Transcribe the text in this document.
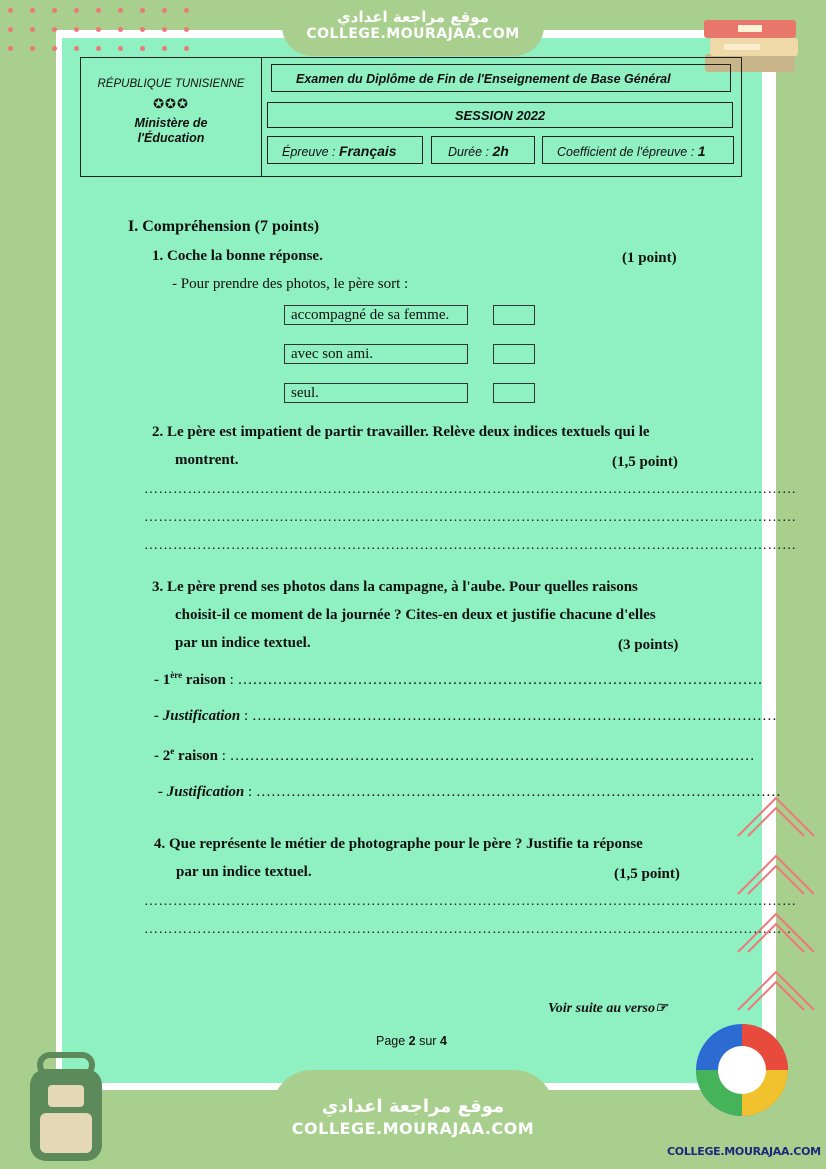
موقع مراجعة اعدادي
COLLEGE.MOURAJAA.COM
RÉPUBLIQUE TUNISIENNE
✪✪✪
Ministère de
l'Éducation
Examen du Diplôme de Fin de l'Enseignement de Base Général
SESSION 2022
Épreuve : Français	Durée : 2h	Coefficient de l'épreuve : 1
I. Compréhension (7 points)
1. Coche la bonne réponse.	(1 point)
- Pour prendre des photos, le père sort :
accompagné de sa femme.
avec son ami.
seul.
2. Le père est impatient de partir travailler. Relève deux indices textuels qui le
montrent.	(1,5 point)
………………………………………………………………………………………………………………………
………………………………………………………………………………………………………………………
………………………………………………………………………………………………………………………
3. Le père prend ses photos dans la campagne, à l'aube. Pour quelles raisons
choisit-il ce moment de la journée ? Cites-en deux et justifie chacune d'elles
par un indice textuel.	(3 points)
- 1ère raison : ……………………………………………………………………………………………
- Justification : ……………………………………………………………………………………………
- 2e raison : ……………………………………………………………………………………………
- Justification : ……………………………………………………………………………………………
4. Que représente le métier de photographe pour le père ? Justifie ta réponse
par un indice textuel.	(1,5 point)
………………………………………………………………………………………………………………………
………………………………………………………………………………………………………………………
Voir suite au verso☞
Page 2 sur 4
COLLEGE.MOURAJAA.COM
موقع مراجعة اعدادي
COLLEGE.MOURAJAA.COM
